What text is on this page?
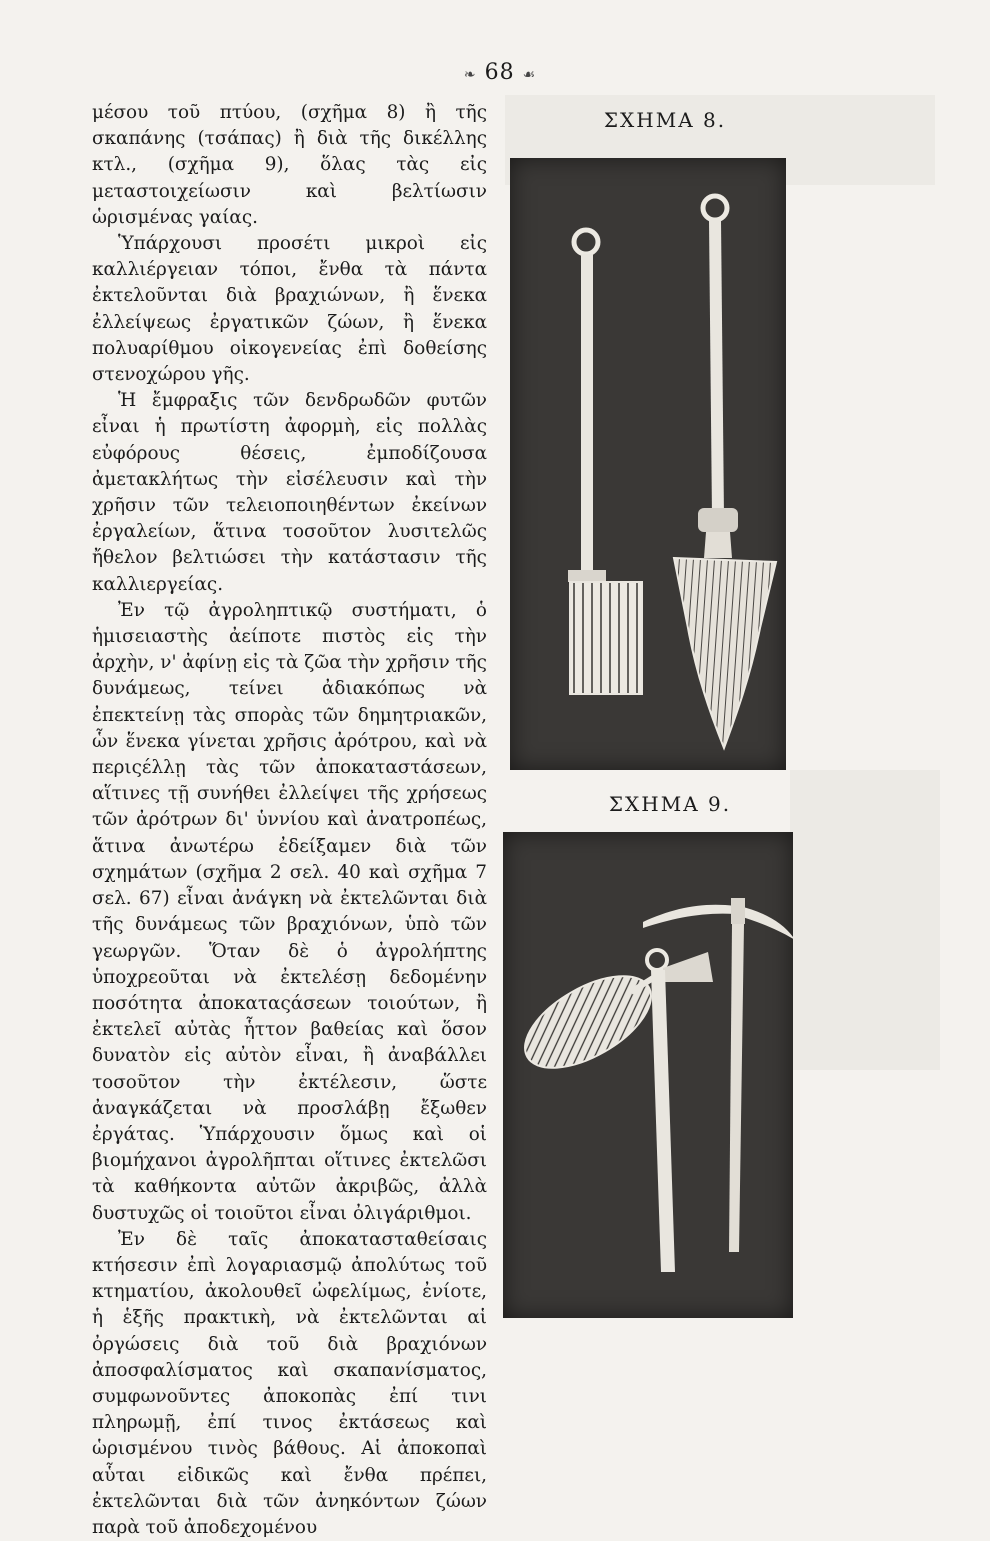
❧ 68 ☙

μέσου τοῦ πτύου, (σχῆμα 8) ἢ τῆς σκαπάνης (τσάπας) ἢ διὰ τῆς δικέλλης κτλ., (σχῆμα 9), ὅλας τὰς εἰς μεταστοιχείωσιν καὶ βελτίωσιν ὡρισμένας γαίας.

Ὑπάρχουσι προσέτι μικροὶ εἰς καλλιέργειαν τόποι, ἔνθα τὰ πάντα ἐκτελοῦνται διὰ βραχιώνων, ἢ ἕνεκα ἐλλείψεως ἐργατικῶν ζώων, ἢ ἕνεκα πολυαρίθμου οἰκογενείας ἐπὶ δοθείσης στενοχώρου γῆς.

Ἡ ἔμφραξις τῶν δενδρωδῶν φυτῶν εἶναι ἡ πρωτίστη ἀφορμὴ, εἰς πολλὰς εὐφόρους θέσεις, ἐμποδίζουσα ἀμετακλήτως τὴν εἰσέλευσιν καὶ τὴν χρῆσιν τῶν τελειοποιηθέντων ἐκείνων ἐργαλείων, ἅτινα τοσοῦτον λυσιτελῶς ἤθελον βελτιώσει τὴν κατάστασιν τῆς καλλιεργείας.

Ἐν τῷ ἀγροληπτικῷ συστήματι, ὁ ἡμισειαστὴς ἀείποτε πιστὸς εἰς τὴν ἀρχὴν, ν' ἀφίνῃ εἰς τὰ ζῶα τὴν χρῆσιν τῆς δυνάμεως, τείνει ἀδιακόπως νὰ ἐπεκτείνῃ τὰς σπορὰς τῶν δημητριακῶν, ὧν ἕνεκα γίνεται χρῆσις ἀρότρου, καὶ νὰ περιςέλλῃ τὰς τῶν ἀποκαταστάσεων, αἵτινες τῇ συνήθει ἐλλείψει τῆς χρήσεως τῶν ἀρότρων δι' ὑννίου καὶ ἀνατροπέως, ἅτινα ἀνωτέρω ἐδείξαμεν διὰ τῶν σχημάτων (σχῆμα 2 σελ. 40 καὶ σχῆμα 7 σελ. 67) εἶναι ἀνάγκη νὰ ἐκτελῶνται διὰ τῆς δυνάμεως τῶν βραχιόνων, ὑπὸ τῶν γεωργῶν. Ὅταν δὲ ὁ ἀγρολήπτης ὑποχρεοῦται νὰ ἐκτελέσῃ δεδομένην ποσότητα ἀποκαταςάσεων τοιούτων, ἢ ἐκτελεῖ αὐτὰς ἧττον βαθείας καὶ ὅσον δυνατὸν εἰς αὐτὸν εἶναι, ἢ ἀναβάλλει τοσοῦτον τὴν ἐκτέλεσιν, ὥστε ἀναγκάζεται νὰ προσλάβῃ ἔξωθεν ἐργάτας. Ὑπάρχουσιν ὅμως καὶ οἱ βιομήχανοι ἀγρολῆπται οἵτινες ἐκτελῶσι τὰ καθήκοντα αὐτῶν ἀκριβῶς, ἀλλὰ δυστυχῶς οἱ τοιοῦτοι εἶναι ὀλιγάριθμοι.

Ἐν δὲ ταῖς ἀποκατασταθείσαις κτήσεσιν ἐπὶ λογαριασμῷ ἀπολύτως τοῦ κτηματίου, ἀκολουθεῖ ὠφελίμως, ἐνίοτε, ἡ ἑξῆς πρακτικὴ, νὰ ἐκτελῶνται αἱ ὀργώσεις διὰ τοῦ διὰ βραχιόνων ἀποσφαλίσματος καὶ σκαπανίσματος, συμφωνοῦντες ἀποκοπὰς ἐπί τινι πληρωμῇ, ἐπί τινος ἐκτάσεως καὶ ὡρισμένου τινὸς βάθους. Αἱ ἀποκοπαὶ αὗται εἰδικῶς καὶ ἔνθα πρέπει, ἐκτελῶνται διὰ τῶν ἀνηκόντων ζώων παρὰ τοῦ ἀποδεχομένου

ΣΧΗΜΑ 8.
ΣΧΗΜΑ 9.
